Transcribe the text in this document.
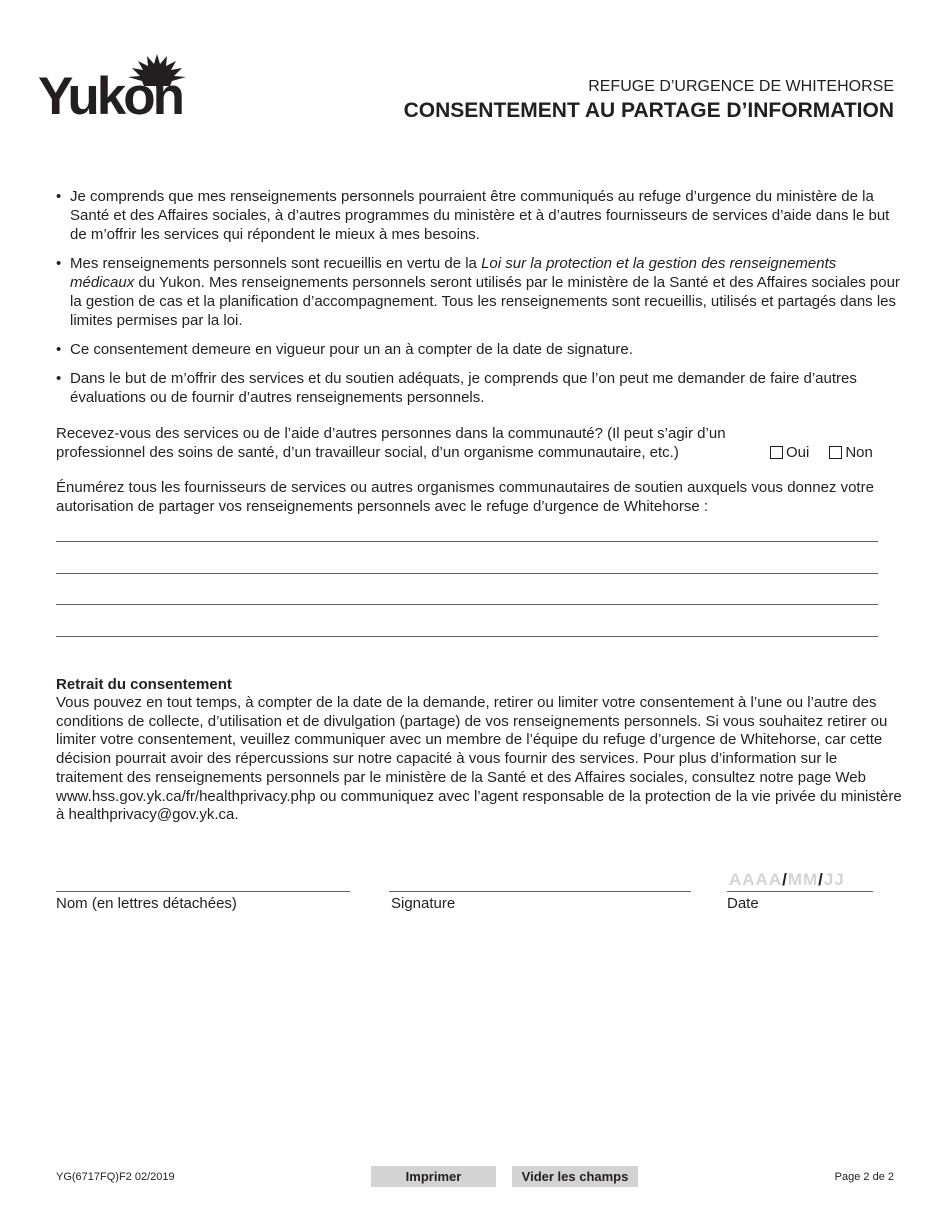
Yukon	REFUGE D’URGENCE DE WHITEHORSE
CONSENTEMENT AU PARTAGE D’INFORMATION
• Je comprends que mes renseignements personnels pourraient être communiqués au refuge d’urgence du ministère de la Santé et des Affaires sociales, à d’autres programmes du ministère et à d’autres fournisseurs de services d’aide dans le but de m’offrir les services qui répondent le mieux à mes besoins.
• Mes renseignements personnels sont recueillis en vertu de la Loi sur la protection et la gestion des renseignements médicaux du Yukon. Mes renseignements personnels seront utilisés par le ministère de la Santé et des Affaires sociales pour la gestion de cas et la planification d’accompagnement. Tous les renseignements sont recueillis, utilisés et partagés dans les limites permises par la loi.
• Ce consentement demeure en vigueur pour un an à compter de la date de signature.
• Dans le but de m’offrir des services et du soutien adéquats, je comprends que l’on peut me demander de faire d’autres évaluations ou de fournir d’autres renseignements personnels.
Recevez-vous des services ou de l’aide d’autres personnes dans la communauté? (Il peut s’agir d’un professionnel des soins de santé, d’un travailleur social, d’un organisme communautaire, etc.)	Oui Non
Énumérez tous les fournisseurs de services ou autres organismes communautaires de soutien auxquels vous donnez votre autorisation de partager vos renseignements personnels avec le refuge d’urgence de Whitehorse :
Retrait du consentement
Vous pouvez en tout temps, à compter de la date de la demande, retirer ou limiter votre consentement à l’une ou l’autre des conditions de collecte, d’utilisation et de divulgation (partage) de vos renseignements personnels. Si vous souhaitez retirer ou limiter votre consentement, veuillez communiquer avec un membre de l’équipe du refuge d’urgence de Whitehorse, car cette décision pourrait avoir des répercussions sur notre capacité à vous fournir des services. Pour plus d’information sur le traitement des renseignements personnels par le ministère de la Santé et des Affaires sociales, consultez notre page Web www.hss.gov.yk.ca/fr/healthprivacy.php ou communiquez avec l’agent responsable de la protection de la vie privée du ministère à healthprivacy@gov.yk.ca.
Nom (en lettres détachées)	Signature
AAAA/MM/JJ
Date
YG(6717FQ)F2 02/2019	Imprimer	Vider les champs	Page 2 de 2
